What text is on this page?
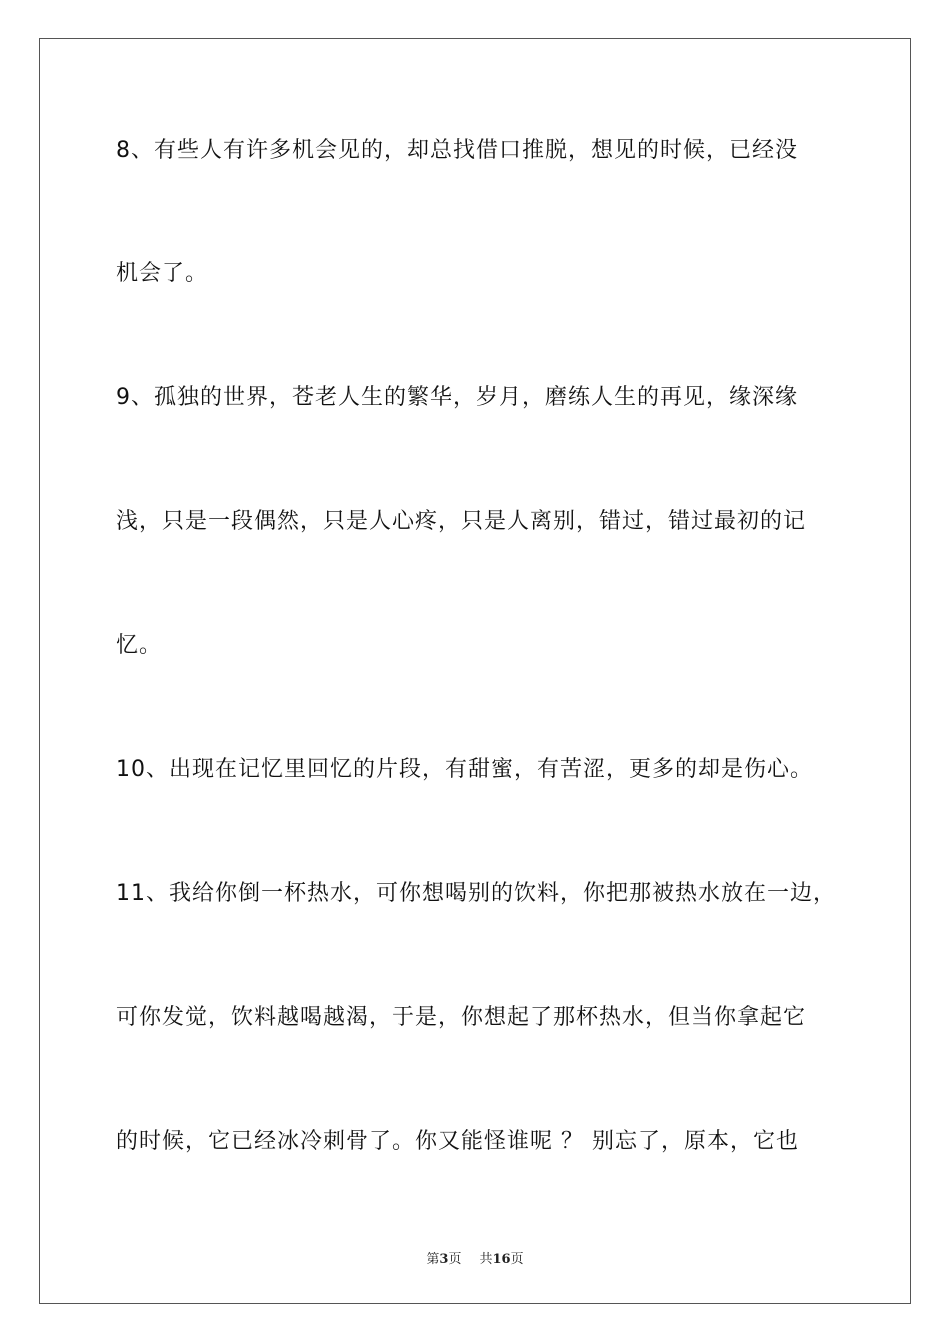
8、有些人有许多机会见的，却总找借口推脱，想见的时候，已经没
机会了。
9、孤独的世界，苍老人生的繁华，岁月，磨练人生的再见，缘深缘
浅，只是一段偶然，只是人心疼，只是人离别，错过，错过最初的记
忆。
10、出现在记忆里回忆的片段，有甜蜜，有苦涩，更多的却是伤心。
11、我给你倒一杯热水，可你想喝别的饮料，你把那被热水放在一边，
可你发觉，饮料越喝越渴，于是，你想起了那杯热水，但当你拿起它
的时候，它已经冰冷刺骨了。你又能怪谁呢 ？ 别忘了，原本，它也
第3页 共16页
